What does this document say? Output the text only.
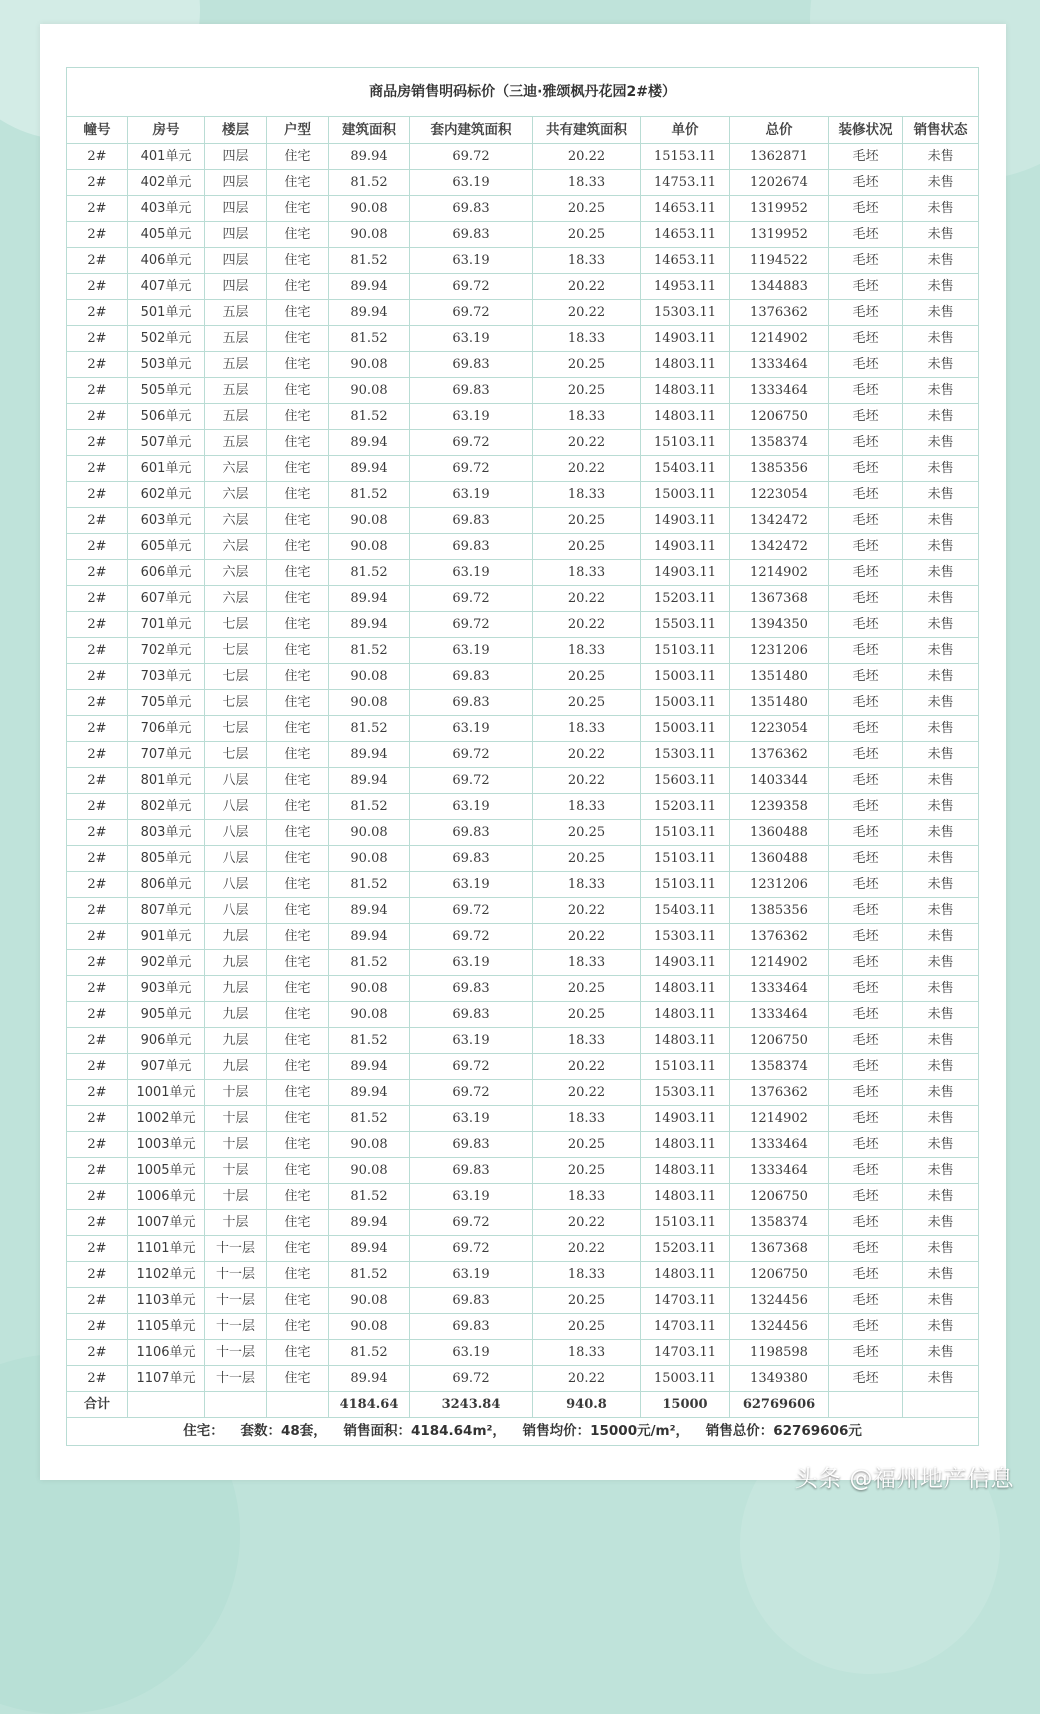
商品房销售明码标价（三迪·雅颂枫丹花园2#楼）										
幢号	房号	楼层	户型	建筑面积	套内建筑面积	共有建筑面积	单价	总价	装修状况	销售状态
2#	401单元	四层	住宅	89.94	69.72	20.22	15153.11	1362871	毛坯	未售
2#	402单元	四层	住宅	81.52	63.19	18.33	14753.11	1202674	毛坯	未售
2#	403单元	四层	住宅	90.08	69.83	20.25	14653.11	1319952	毛坯	未售
2#	405单元	四层	住宅	90.08	69.83	20.25	14653.11	1319952	毛坯	未售
2#	406单元	四层	住宅	81.52	63.19	18.33	14653.11	1194522	毛坯	未售
2#	407单元	四层	住宅	89.94	69.72	20.22	14953.11	1344883	毛坯	未售
2#	501单元	五层	住宅	89.94	69.72	20.22	15303.11	1376362	毛坯	未售
2#	502单元	五层	住宅	81.52	63.19	18.33	14903.11	1214902	毛坯	未售
2#	503单元	五层	住宅	90.08	69.83	20.25	14803.11	1333464	毛坯	未售
2#	505单元	五层	住宅	90.08	69.83	20.25	14803.11	1333464	毛坯	未售
2#	506单元	五层	住宅	81.52	63.19	18.33	14803.11	1206750	毛坯	未售
2#	507单元	五层	住宅	89.94	69.72	20.22	15103.11	1358374	毛坯	未售
2#	601单元	六层	住宅	89.94	69.72	20.22	15403.11	1385356	毛坯	未售
2#	602单元	六层	住宅	81.52	63.19	18.33	15003.11	1223054	毛坯	未售
2#	603单元	六层	住宅	90.08	69.83	20.25	14903.11	1342472	毛坯	未售
2#	605单元	六层	住宅	90.08	69.83	20.25	14903.11	1342472	毛坯	未售
2#	606单元	六层	住宅	81.52	63.19	18.33	14903.11	1214902	毛坯	未售
2#	607单元	六层	住宅	89.94	69.72	20.22	15203.11	1367368	毛坯	未售
2#	701单元	七层	住宅	89.94	69.72	20.22	15503.11	1394350	毛坯	未售
2#	702单元	七层	住宅	81.52	63.19	18.33	15103.11	1231206	毛坯	未售
2#	703单元	七层	住宅	90.08	69.83	20.25	15003.11	1351480	毛坯	未售
2#	705单元	七层	住宅	90.08	69.83	20.25	15003.11	1351480	毛坯	未售
2#	706单元	七层	住宅	81.52	63.19	18.33	15003.11	1223054	毛坯	未售
2#	707单元	七层	住宅	89.94	69.72	20.22	15303.11	1376362	毛坯	未售
2#	801单元	八层	住宅	89.94	69.72	20.22	15603.11	1403344	毛坯	未售
2#	802单元	八层	住宅	81.52	63.19	18.33	15203.11	1239358	毛坯	未售
2#	803单元	八层	住宅	90.08	69.83	20.25	15103.11	1360488	毛坯	未售
2#	805单元	八层	住宅	90.08	69.83	20.25	15103.11	1360488	毛坯	未售
2#	806单元	八层	住宅	81.52	63.19	18.33	15103.11	1231206	毛坯	未售
2#	807单元	八层	住宅	89.94	69.72	20.22	15403.11	1385356	毛坯	未售
2#	901单元	九层	住宅	89.94	69.72	20.22	15303.11	1376362	毛坯	未售
2#	902单元	九层	住宅	81.52	63.19	18.33	14903.11	1214902	毛坯	未售
2#	903单元	九层	住宅	90.08	69.83	20.25	14803.11	1333464	毛坯	未售
2#	905单元	九层	住宅	90.08	69.83	20.25	14803.11	1333464	毛坯	未售
2#	906单元	九层	住宅	81.52	63.19	18.33	14803.11	1206750	毛坯	未售
2#	907单元	九层	住宅	89.94	69.72	20.22	15103.11	1358374	毛坯	未售
2#	1001单元	十层	住宅	89.94	69.72	20.22	15303.11	1376362	毛坯	未售
2#	1002单元	十层	住宅	81.52	63.19	18.33	14903.11	1214902	毛坯	未售
2#	1003单元	十层	住宅	90.08	69.83	20.25	14803.11	1333464	毛坯	未售
2#	1005单元	十层	住宅	90.08	69.83	20.25	14803.11	1333464	毛坯	未售
2#	1006单元	十层	住宅	81.52	63.19	18.33	14803.11	1206750	毛坯	未售
2#	1007单元	十层	住宅	89.94	69.72	20.22	15103.11	1358374	毛坯	未售
2#	1101单元	十一层	住宅	89.94	69.72	20.22	15203.11	1367368	毛坯	未售
2#	1102单元	十一层	住宅	81.52	63.19	18.33	14803.11	1206750	毛坯	未售
2#	1103单元	十一层	住宅	90.08	69.83	20.25	14703.11	1324456	毛坯	未售
2#	1105单元	十一层	住宅	90.08	69.83	20.25	14703.11	1324456	毛坯	未售
2#	1106单元	十一层	住宅	81.52	63.19	18.33	14703.11	1198598	毛坯	未售
2#	1107单元	十一层	住宅	89.94	69.72	20.22	15003.11	1349380	毛坯	未售
合计				4184.64	3243.84	940.8	15000	62769606		
住宅： 套数：48套， 销售面积：4184.64m²， 销售均价：15000元/m²， 销售总价：62769606元										
头条 @福州地产信息
